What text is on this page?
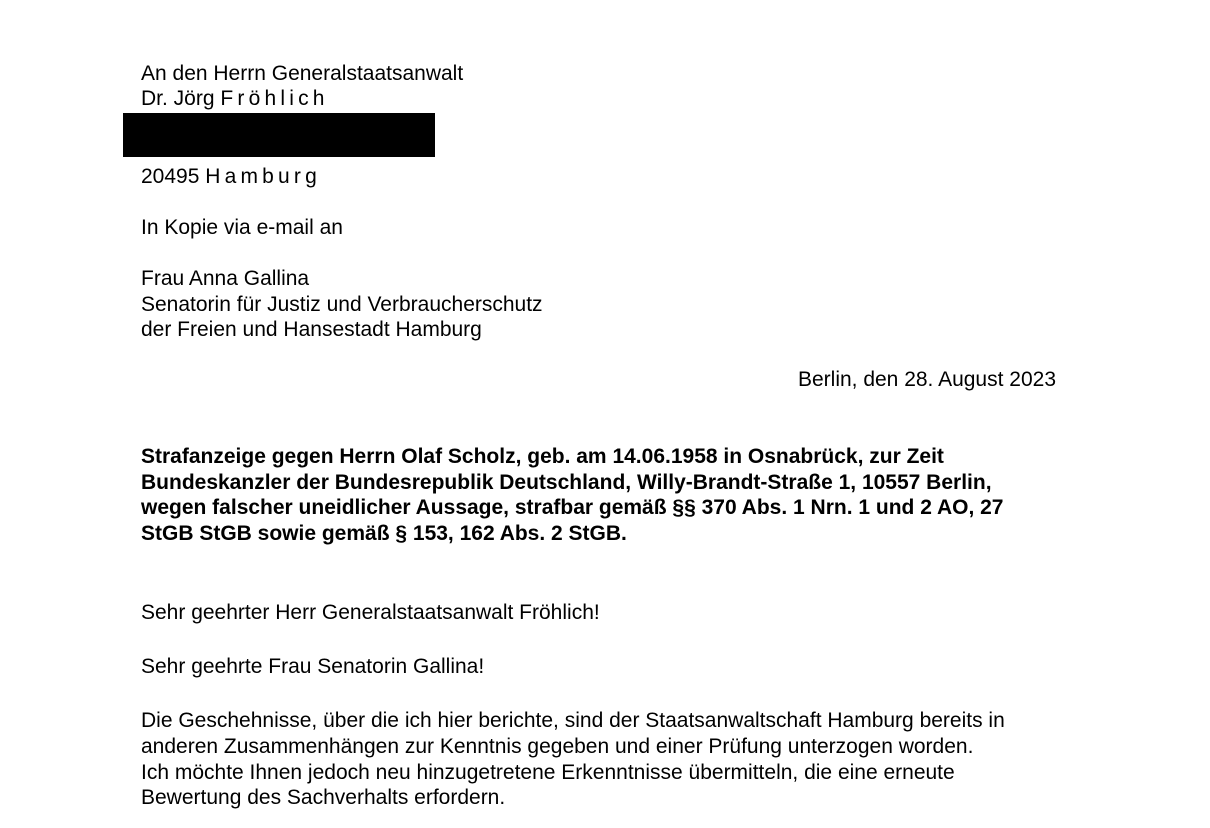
An den Herrn Generalstaatsanwalt
Dr. Jörg Fröhlich
20495 Hamburg
In Kopie via e-mail an
Frau Anna Gallina
Senatorin für Justiz und Verbraucherschutz
der Freien und Hansestadt Hamburg
Berlin, den 28. August 2023
Strafanzeige gegen Herrn Olaf Scholz, geb. am 14.06.1958 in Osnabrück, zur Zeit
Bundeskanzler der Bundesrepublik Deutschland, Willy-Brandt-Straße 1, 10557 Berlin,
wegen falscher uneidlicher Aussage, strafbar gemäß §§ 370 Abs. 1 Nrn. 1 und 2 AO, 27
StGB StGB sowie gemäß § 153, 162 Abs. 2 StGB.
Sehr geehrter Herr Generalstaatsanwalt Fröhlich!
Sehr geehrte Frau Senatorin Gallina!
Die Geschehnisse, über die ich hier berichte, sind der Staatsanwaltschaft Hamburg bereits in
anderen Zusammenhängen zur Kenntnis gegeben und einer Prüfung unterzogen worden.
Ich möchte Ihnen jedoch neu hinzugetretene Erkenntnisse übermitteln, die eine erneute
Bewertung des Sachverhalts erfordern.
